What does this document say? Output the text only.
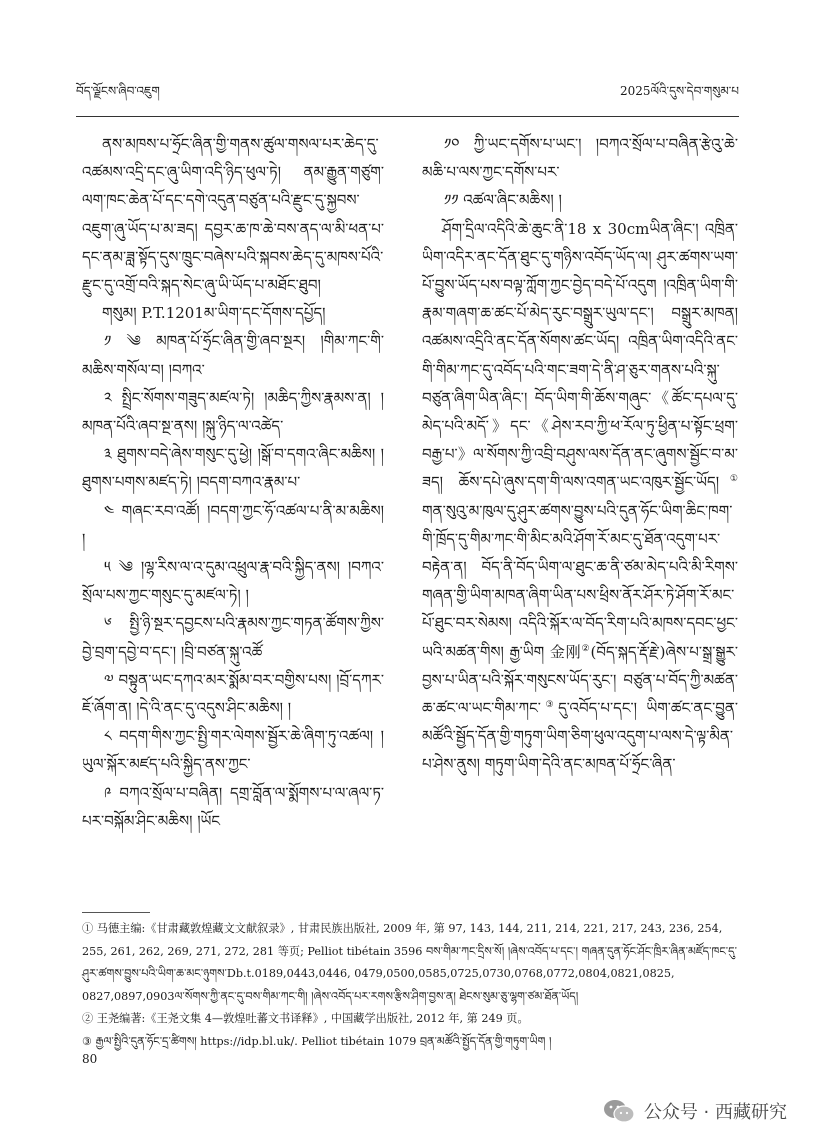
བོད་ལྗོངས་ཞིབ་འཇུག	2025ལོའི་དུས་དེབ་གསུམ་པ

ནས་མཁས་པ་ཧྲོང་ཞིན་གྱི་གནས་ཚུལ་གསལ་པར་ཆེད་དུ་འཚམས་འདྲི་དང་ཞུ་ཡིག་འདི་ཉིད་ཕུལ་ཏེ། ནམ་རྒྱུན་གཙུག་ལག་ཁང་ཆེན་པོ་དང་དགེ་འདུན་བཙུན་པའི་རྫུང་དུ་སྐྱབས་འཇུག་ཞུ་ཡོད་པ་མ་ཟད། དབྱར་ཆ་ཁ་ཆེ་བས་ནད་ལ་མི་ཕན་པ་དང་ནམ་ཟླ་སྟོད་དུས་ཁྲུང་བཞེས་པའི་སྐབས་ཆེད་དུ་མཁས་པོའི་རྫུང་དུ་འགྲོ་བའི་སྐད་སེང་ཞུ་ཡི་ཡོད་པ་མཐོང་ཐུབ།

གསུམ། P.T.1201མ་ཡིག་དང་དོགས་དཔྱོད།

༡ ༄ མཁན་པོ་ཧྲོང་ཞིན་གྱི་ཞབ་སྔར། །གིམ་ཀང་གི་མཆིས་གསོལ་བ། །བཀའ་

༢ སྤྲིང་སོགས་གཟུད་མཛལ་ཏེ། །མཆིད་ཀྱིས་རྣམས་ན། །མཁན་པོའི་ཞབ་སྔ་ནས། །སྐུ་ཉིད་ལ་འཚེད་

༣ ཐུགས་བདེ་ཞེས་གསུང་དུ་ཕྱེ། །སྒོ་བ་དགའ་ཞིང་མཆིས། །ཐུགས་པགས་མཛད་ཏེ། །བདག་བཀའ་རྣམ་པ་

༤ གཞང་རབ་འཚོ། །བདག་ཀྱང་ཧོ་འཚལ་པ་ནི་མ་མཆིས། །

༥ ༄ །ལྷ་རིས་ལ་འ་དུམ་འཕྲུལ་རྣ་བའི་སྐྱིད་ནས། །བཀའ་སྲོལ་པས་ཀྱང་གསུང་དུ་མཛལ་ཏེ། །

༦ སྤྱི་ཉི་སྔར་དབྱངས་པའི་རྣམས་ཀྱང་གཏན་ཚོགས་ཀྱིས་བྱེ་བྲག་དབྱེ་བ་དང་། །བྲི་བཙན་སྐུ་འཚོ

༧ བསྟུན་ཡང་དཀའ་མར་སྨོམ་བར་བགྱིས་པས། །བྲོ་དཀར་ཇོ་ཞོག་ན། །དེ་འི་ནང་དུ་འདུས་ཤིང་མཆིས། །

༨ བདག་གིས་ཀྱང་སྤྱི་གར་ལེགས་སྦྱོར་ཆེ་ཞིག་ཏུ་འཚལ། །ཡུལ་སྐོར་མཛད་པའི་སྐྱིད་ནས་ཀྱང་

༩ བཀའ་སྲོལ་པ་བཞིན། དགྲ་བློན་ལ་སྨོགས་པ་ལ་ཞལ་ཏ་པར་བསྐོམ་ཤིང་མཆིས། །ཡོང

༡༠ ཀྱི་ཡང་དགོས་པ་ཡང་། །བཀའ་སྲོལ་པ་བཞིན་རྩེའུ་ཆེ་མཆི་པ་ལས་ཀྱང་དགོས་པར་

༡༡ འཚལ་ཞིང་མཆིས། །

ཤོག་དྲིལ་འདིའི་ཆེ་ཆུང་ནི་18 x 30cmཡིན་ཞིང་། འཁྲིན་ཡིག་འདིར་ནང་དོན་ཐུང་དུ་གཉིས་འབོད་ཡོད་ལ། ཤུར་ཚགས་ཡག་པོ་བྱུས་ཡོད་པས་བལྟ་ཀློག་ཀྱང་བྱེད་བདེ་པོ་འདུག །འཁྲིན་ཡིག་གི་རྣམ་གཞག་ཆ་ཚང་པོ་མེད་རུང་བསྒྲུར་ཡུལ་དང་། བསྒྲུར་མཁན། འཚམས་འདྲིའི་ནང་དོན་སོགས་ཚང་ཡོད། འཁྲིན་ཡིག་འདིའི་ནང་གི་གིམ་ཀང་དུ་འབོད་པའི་གང་ཟག་དེ་ནི་ཤ་ཅུར་གནས་པའི་སྐུ་བཙུན་ཞིག་ཡིན་ཞིང་། བོད་ཡིག་གི་ཆོས་གཞུང་《ཚོང་དཔལ་དུ་མེད་པའི་མདོ་》དང་《ཤེས་རབ་ཀྱི་ཕ་རོལ་ཏུ་ཕྱིན་པ་སྟོང་ཕྲག་བརྒྱ་པ་》ལ་སོགས་ཀྱི་འབྲི་བཤུས་ལས་དོན་ནང་ཞུགས་སྦྱོང་བ་མ་ཟད། ཆོས་དཔེ་ཞུས་དག་གི་ལས་འགན་ཡང་འཁུར་སྦྱོང་ཡོད།① གན་སུའུ་མ་ཁུལ་དུ་ཤུར་ཚགས་བྱུས་པའི་དུན་ཧོང་ཡིག་ཆིང་ཁག་གི་ཁྲོད་དུ་གིམ་ཀང་གི་མིང་མའི་ཤོག་རོ་མང་དུ་ཐོན་འདུག་པར་བརྟེན་ན། བོད་ནི་བོད་ཡིག་ལ་ཐུང་ཆ་ནི་ཙམ་མེད་པའི་མི་རིགས་གཞན་གྱི་ཡིག་མཁན་ཞིག་ཡིན་པས་ཕྲིས་ནོར་ཤོར་ཏེ་ཤོག་རོ་མང་པོ་ཐུང་བར་སེམས། འདིའི་སྐོར་ལ་བོད་རིག་པའི་མཁས་དབང་ཕྱང་ཡའི་མཚན་གིས། རྒྱ་ཡིག 金刚②(བོད་སྐད་རྡོ་རྗེ་)ཞེས་པ་སྒྲ་སྒྱུར་བྱས་པ་ཡིན་པའི་སྐོར་གསུངས་ཡོད་རུང་། བཙུན་པ་བོད་ཀྱི་མཚན་ཆ་ཚང་ལ་ཡང་གིམ་ཀང་③དུ་འབོད་པ་དང་། ཡིག་ཚང་ནང་བྱུན་མཚོའི་སྦྱོད་དོན་གྱི་གཏུག་ཡིག་ཅིག་ཕུལ་འདུག་པ་ལས་དེ་ལྟ་མིན་པ་ཤེས་ནུས། གཏུག་ཡིག་དེའི་ནང་མཁན་པོ་ཧྲོང་ཞིན་

① 马德主编:《甘肃藏敦煌藏文文献叙录》, 甘肃民族出版社, 2009 年, 第 97, 143, 144, 211, 214, 221, 217, 243, 236, 254, 255, 261, 262, 269, 271, 272, 281 等页; Pelliot tibétain 3596 བས་གིམ་ཀང་དྲིས་སོ། །ཞེས་འབོད་པ་དང་། གཞན་དུན་ཧོང་ཤོང་ཁྲིར་ཞིན་མཛོད་ཁང་དུ་ཤུར་ཚགས་བྱུས་པའི་ཡིག་ཆ་མང་ཉུགས་Db.t.0189,0443,0446, 0479,0500,0585,0725,0730,0768,0772,0804,0821,0825, 0827,0897,0903ལ་སོགས་ཀྱི་ནང་དུ་བས་གིམ་ཀང་གི། །ཞེས་འབོད་པར་རགས་རྩིས་ཤིག་བྱས་ན། ཐེངས་སུམ་ཅུ་ལྷག་ཙམ་ཐོན་ཡོད།

② 王尧编著:《王尧文集 4—敦煌吐蕃文书译释》, 中国藏学出版社, 2012 年, 第 249 页。

③ རྒྱལ་སྤྱིའི་དུན་ཧོང་དྲ་ཚིགས། https://idp.bl.uk/. Pelliot tibétain 1079 བྲན་མཚོའི་སྤྱོད་དོན་གྱི་གཏུག་ཡིག །

80
公众号 · 西藏研究
